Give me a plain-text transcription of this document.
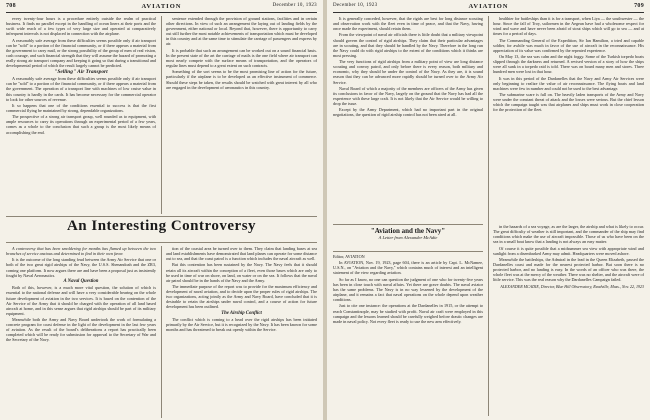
708	AVIATION	December 10, 1923

every twenty-four hours is a procedure entirely outside the realm of practical business. It finds no parallel except in the handling of ocean liners at their ports and the swift wide reach of a few types of very large size and operated at comparatively infrequent intervals is not displaced in connection with the airplane.

A reasonably safe average from these difficulties seems possible only if air transport can be "sold" to a portion of the financial community, or if there appears a material from the government to carry mail, or the strong possibility of the group of men of real vision, cash courage, and such financial strength that they will assume the hazard of promoting a really strong air transport company and keeping it going so that during a transitional and developmental period of which the result largely cannot be predicted.

"Selling" Air Transport

A reasonably safe average from these difficulties seems possible only if air transport can be "sold" to a portion of the financial community, or if there appears a material from the government. The operation of a transport line with machines of low cruise value in this country is hardly in the cards. It has become necessary for the commercial operator to look for other sources of revenue.

It so happens that one of the conditions essential to success is that the first commercial flying be maintained by strong, dependable organizations.

The prospective of a strong air transport group, well rounded as to equipment, with ample resources to carry its operations through an experimental period of a few years, comes as a whole to the conclusion that such a group is the most likely means of accomplishing the end.

sentence extended through the provision of ground stations, facilities and in certain other directions. In view of such an arrangement the laying out of landing fields by the government, either national or local. Beyond that, however, there is opportunity to carry out still further the most notable achievements of transportation which must be developed in this country and at the same time to stimulate the carriage of passengers and express by air.

It is probable that such an arrangement can be worked out on a sound financial basis. In the present state of the art the carriage of mails is the one field where air transport can most nearly compete with the surface means of transportation, and the operators of regular lines must depend to a great extent on such contracts.

Something of the sort seems to be the most promising line of action for the future, particularly if the airplane is to be developed as an effective instrument of commerce. Should these steps be taken, the results should be watched with great interest by all who are engaged in the development of aeronautics in this country.

An Interesting Controversy

A controversy that has been smoldering for months has flamed up between the two branches of service anxious and determined to find in their own favor.

It is the outcome of the long standing feud between the Army Air Service that one or both of the two great rigid airships of the Navy, the U.S.S. Shenandoah and the ZR3, coming one platform. It now argues there are and have been a proposal just as insistently fought by Naval Aeronautics.

A Naval Question

Both of this, however, is a much more vital question, the solution of which is essential to the national defense and will have a very considerable bearing on the whole future development of aviation in the two services. It is based on the contention of the Air Service of the Army that it should be charged with the operation of all land based aircraft at home, and in this sense argues that rigid airships should be part of its military equipment.

Meanwhile both the Army and Navy Board undertook the work of formulating a concrete program for coast defense in the light of the development in the last few years of aviation. As the result of the board's deliberations a report has practically been completed which will be ready for submission for approval to the Secretary of War and the Secretary of the Navy.

tion of the coastal area be turned over to them. They claim that landing bases at sea and land establishments have demonstrated that land planes can operate for some distance out to sea, and that the coast patrol is a function which includes the naval aircraft as well.

But this contention has been sustained by the Navy. The Navy feels that it should retain all its aircraft within the conception of a fleet, even those bases which are only to be used in time of war on shore, on land, on water or on the sea. It follows that the naval air patrol should be in the hands of the Navy and the Army.

The immediate purpose of the report was to provide for the maximum efficiency and development of naval aviation, and to decide upon the proper rules of rigid airships. The two organizations, acting jointly as the Army and Navy Board, have concluded that it is desirable to retain the airships under naval control, and a course of action for future development has been outlined.

The Airship Conflict

The conflict which is coming to a head over the rigid airships has been initiated primarily by the Air Service, but it is recognized by the Navy. It has been known for some months and has threatened to break out openly within the Service.

December 10, 1923	AVIATION	709

It is generally conceded, however, that the rigids are best for long distance scouting and observation work with the fleet even in time of peace, and that the Navy, having once made the experiment, should retain them.

From the viewpoint of naval air officials there is little doubt that a military viewpoint should govern the control of rigid airships. They claim that their particular advantages are in scouting, and that they should be handled by the Navy. Therefore in the long run the Navy could do with rigid airships to the extent of the conditions which it thinks are most pressing.

The very functions of rigid airships from a military point of view are long distance scouting and convoy patrol, and only before there is every reason, both military and economic, why they should be under the control of the Navy. As they are, it is sound reason that they can be advanced more rapidly should be turned over to the Army Air Service.

Naval Board of which a majority of the members are officers of the Army has given its conclusions in favor of the Navy, largely on the ground that the Navy has had all the experience with these large craft. It is not likely that the Air Service would be willing to drop the issue.

Except by the Army Department, which had no important part in the original negotiations, the question of rigid airship control has not been aired at all.

healthier for battleships than it is for a transport, when Liya — the southwester — the hour. Since the fall of Troy, sailormen in the Aegean have had a wholesome respect for wind and wave and have never been afraid of stout ships which will go to sea — and at times for a period of days.

The Commanding General of the Expedition, Sir Ian Hamilton, a tried and capable soldier, for awhile was much in favor of the use of aircraft in the reconnaissance. His appreciation of its value was confirmed by the repeated experience.

On May 13, the sea was calm and the night foggy. Some of the Turkish torpedo boats slipped through the darkness and returned. A revised version of a story of how the ships were all sunk in a torpedo raid is told. There was on board many men and stores. Three hundred men were lost in that hour.

It was in this period of the Dardanelles that the Navy and Army Air Services were only beginning to realize the value of air reconnaissance. The flying boats and land machines were few in number and could not be used to the best advantage.

The submarine scare is full on. The heavily laden transports of the Army and Navy were under the constant threat of attack and the losses were serious. But the chief lesson which the campaign taught was that airplanes and ships must work in close cooperation for the protection of the fleet.

"Aviation and the Navy"
A Letter from Alexander McAdie

Editor, AVIATION

In AVIATION, Nov. 19, 1923, page 604, there is an article by Capt. L. McNamee, U.S.N., on "Aviation and the Navy," which contains much of interest and an intelligent statement of the view regarding aviation.

So far as I know, no one can question the judgment of one who for twenty-five years has been in close touch with naval affairs. Yet there are grave doubts. The naval aviator has the same problems. The Navy is in no way lessened by the development of the airplane, and it remains a fact that naval operations on the whole depend upon weather conditions.

Just to cite one instance: the operations at the Dardanelles in 1915, or the attempt to reach Constantinople, may be studied with profit. Naval air craft were employed in this campaign and the lessons learned should be carefully weighed before drastic changes are made in naval policy. Not every fleet is ready to use the new arm effectively.

in the hazards of a sea voyage, as are the larger, the airship and what is likely to occur. The great difficulty of weather is still important, and the commander of the ship may find conditions which make the use of aircraft impossible. Those of us who have been on the sea in a small boat know that a landing is not always an easy matter.

Of course it is quite possible that a midsummer sea view with appropriate wind and sunlight from a disembarked Army may admit. Headquarters were moved ashore.

Meanwhile the battleships, the Admiral in the lead in the Queen Elizabeth, passed the Dardanelles coast and made for the nearest protected harbor. But soon there is no protected harbor, and no landing is easy. In the words of an officer who was there, the whole fleet was at the mercy of the weather. There was no shelter, and the aircraft were of little service. This was the real reason why the Dardanelles Campaign failed.

ALEXANDER MCADIE, Director, Blue Hill Observatory, Readville, Mass., Nov. 22, 1923
